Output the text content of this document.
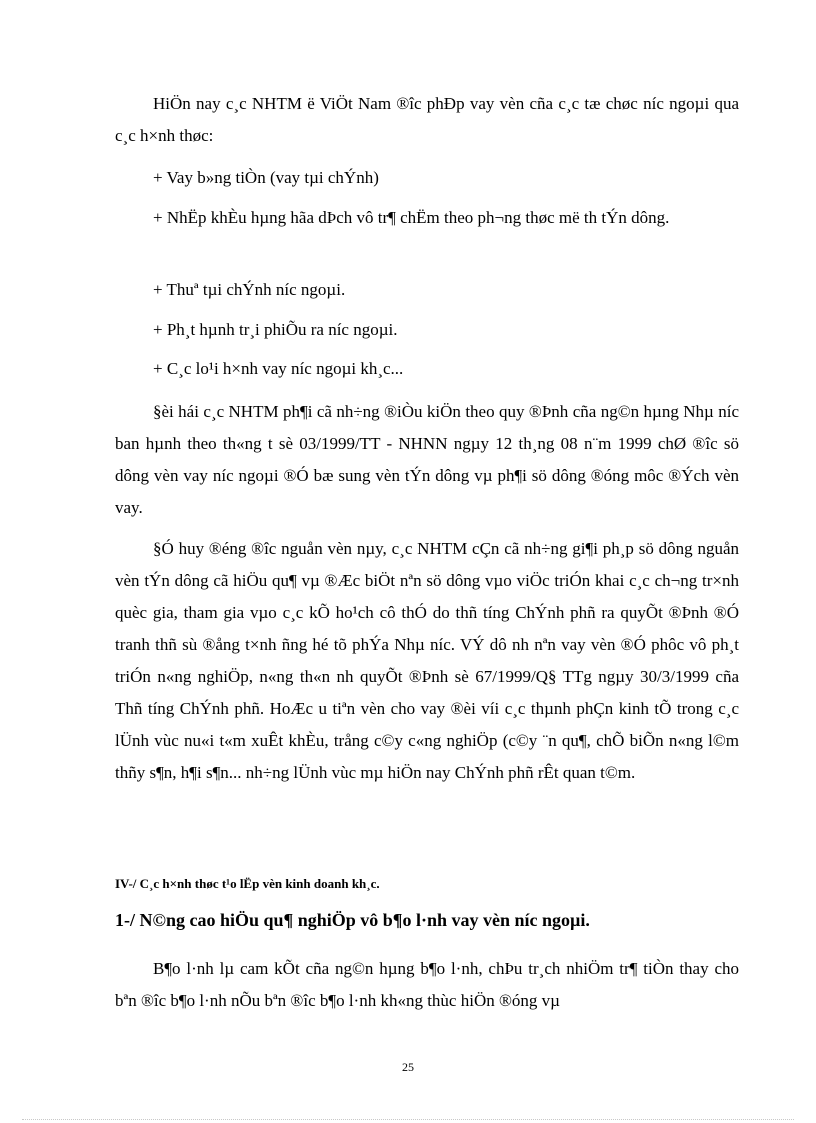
HiÖn nay c¸c NHTM ë ViÖt Nam ®îc phÐp vay vèn cña c¸c tæ chøc níc ngoµi qua c¸c h×nh thøc:

+ Vay b»ng tiÒn (vay tµi chÝnh)

+ NhËp khÈu hµng hãa dÞch vô tr¶ chËm theo ph¬ng thøc më th tÝn dông.

+ Thuª tµi chÝnh níc ngoµi.

+ Ph¸t hµnh tr¸i phiÕu ra níc ngoµi.

+ C¸c lo¹i h×nh vay níc ngoµi kh¸c...

§èi hái c¸c NHTM ph¶i cã nh÷ng ®iÒu kiÖn theo quy ®Þnh cña ng©n hµng Nhµ níc ban hµnh theo th«ng t sè 03/1999/TT - NHNN ngµy 12 th¸ng 08 n¨m 1999 chØ ®îc sö dông vèn vay níc ngoµi ®Ó bæ sung vèn tÝn dông vµ ph¶i sö dông ®óng môc ®Ých vèn vay.

§Ó huy ®éng ®îc nguån vèn nµy, c¸c NHTM cÇn cã nh÷ng gi¶i ph¸p sö dông nguån vèn tÝn dông cã hiÖu qu¶ vµ ®Æc biÖt nªn sö dông vµo viÖc triÓn khai c¸c ch¬ng tr×nh quèc gia, tham gia vµo c¸c kÕ ho¹ch cô thÓ do thñ tíng ChÝnh phñ ra quyÕt ®Þnh ®Ó tranh thñ sù ®ång t×nh ñng hé tõ phÝa Nhµ níc. VÝ dô nh nªn vay vèn ®Ó phôc vô ph¸t triÓn n«ng nghiÖp, n«ng th«n nh quyÕt ®Þnh sè 67/1999/Q§ TTg ngµy 30/3/1999 cña Thñ tíng ChÝnh phñ. HoÆc u tiªn vèn cho vay ®èi víi c¸c thµnh phÇn kinh tÕ trong c¸c lÜnh vùc nu«i t«m xuÊt khÈu, trång c©y c«ng nghiÖp (c©y ¨n qu¶, chÕ biÕn n«ng l©m thñy s¶n, h¶i s¶n... nh÷ng lÜnh vùc mµ hiÖn nay ChÝnh phñ rÊt quan t©m.

IV-/ C¸c h×nh thøc t¹o lËp vèn kinh doanh kh¸c.

1-/ N©ng cao hiÖu qu¶ nghiÖp vô b¶o l·nh vay vèn níc ngoµi.

B¶o l·nh lµ cam kÕt cña ng©n hµng b¶o l·nh, chÞu tr¸ch nhiÖm tr¶ tiÒn thay cho bªn ®îc b¶o l·nh nÕu bªn ®îc b¶o l·nh kh«ng thùc hiÖn ®óng vµ

25
